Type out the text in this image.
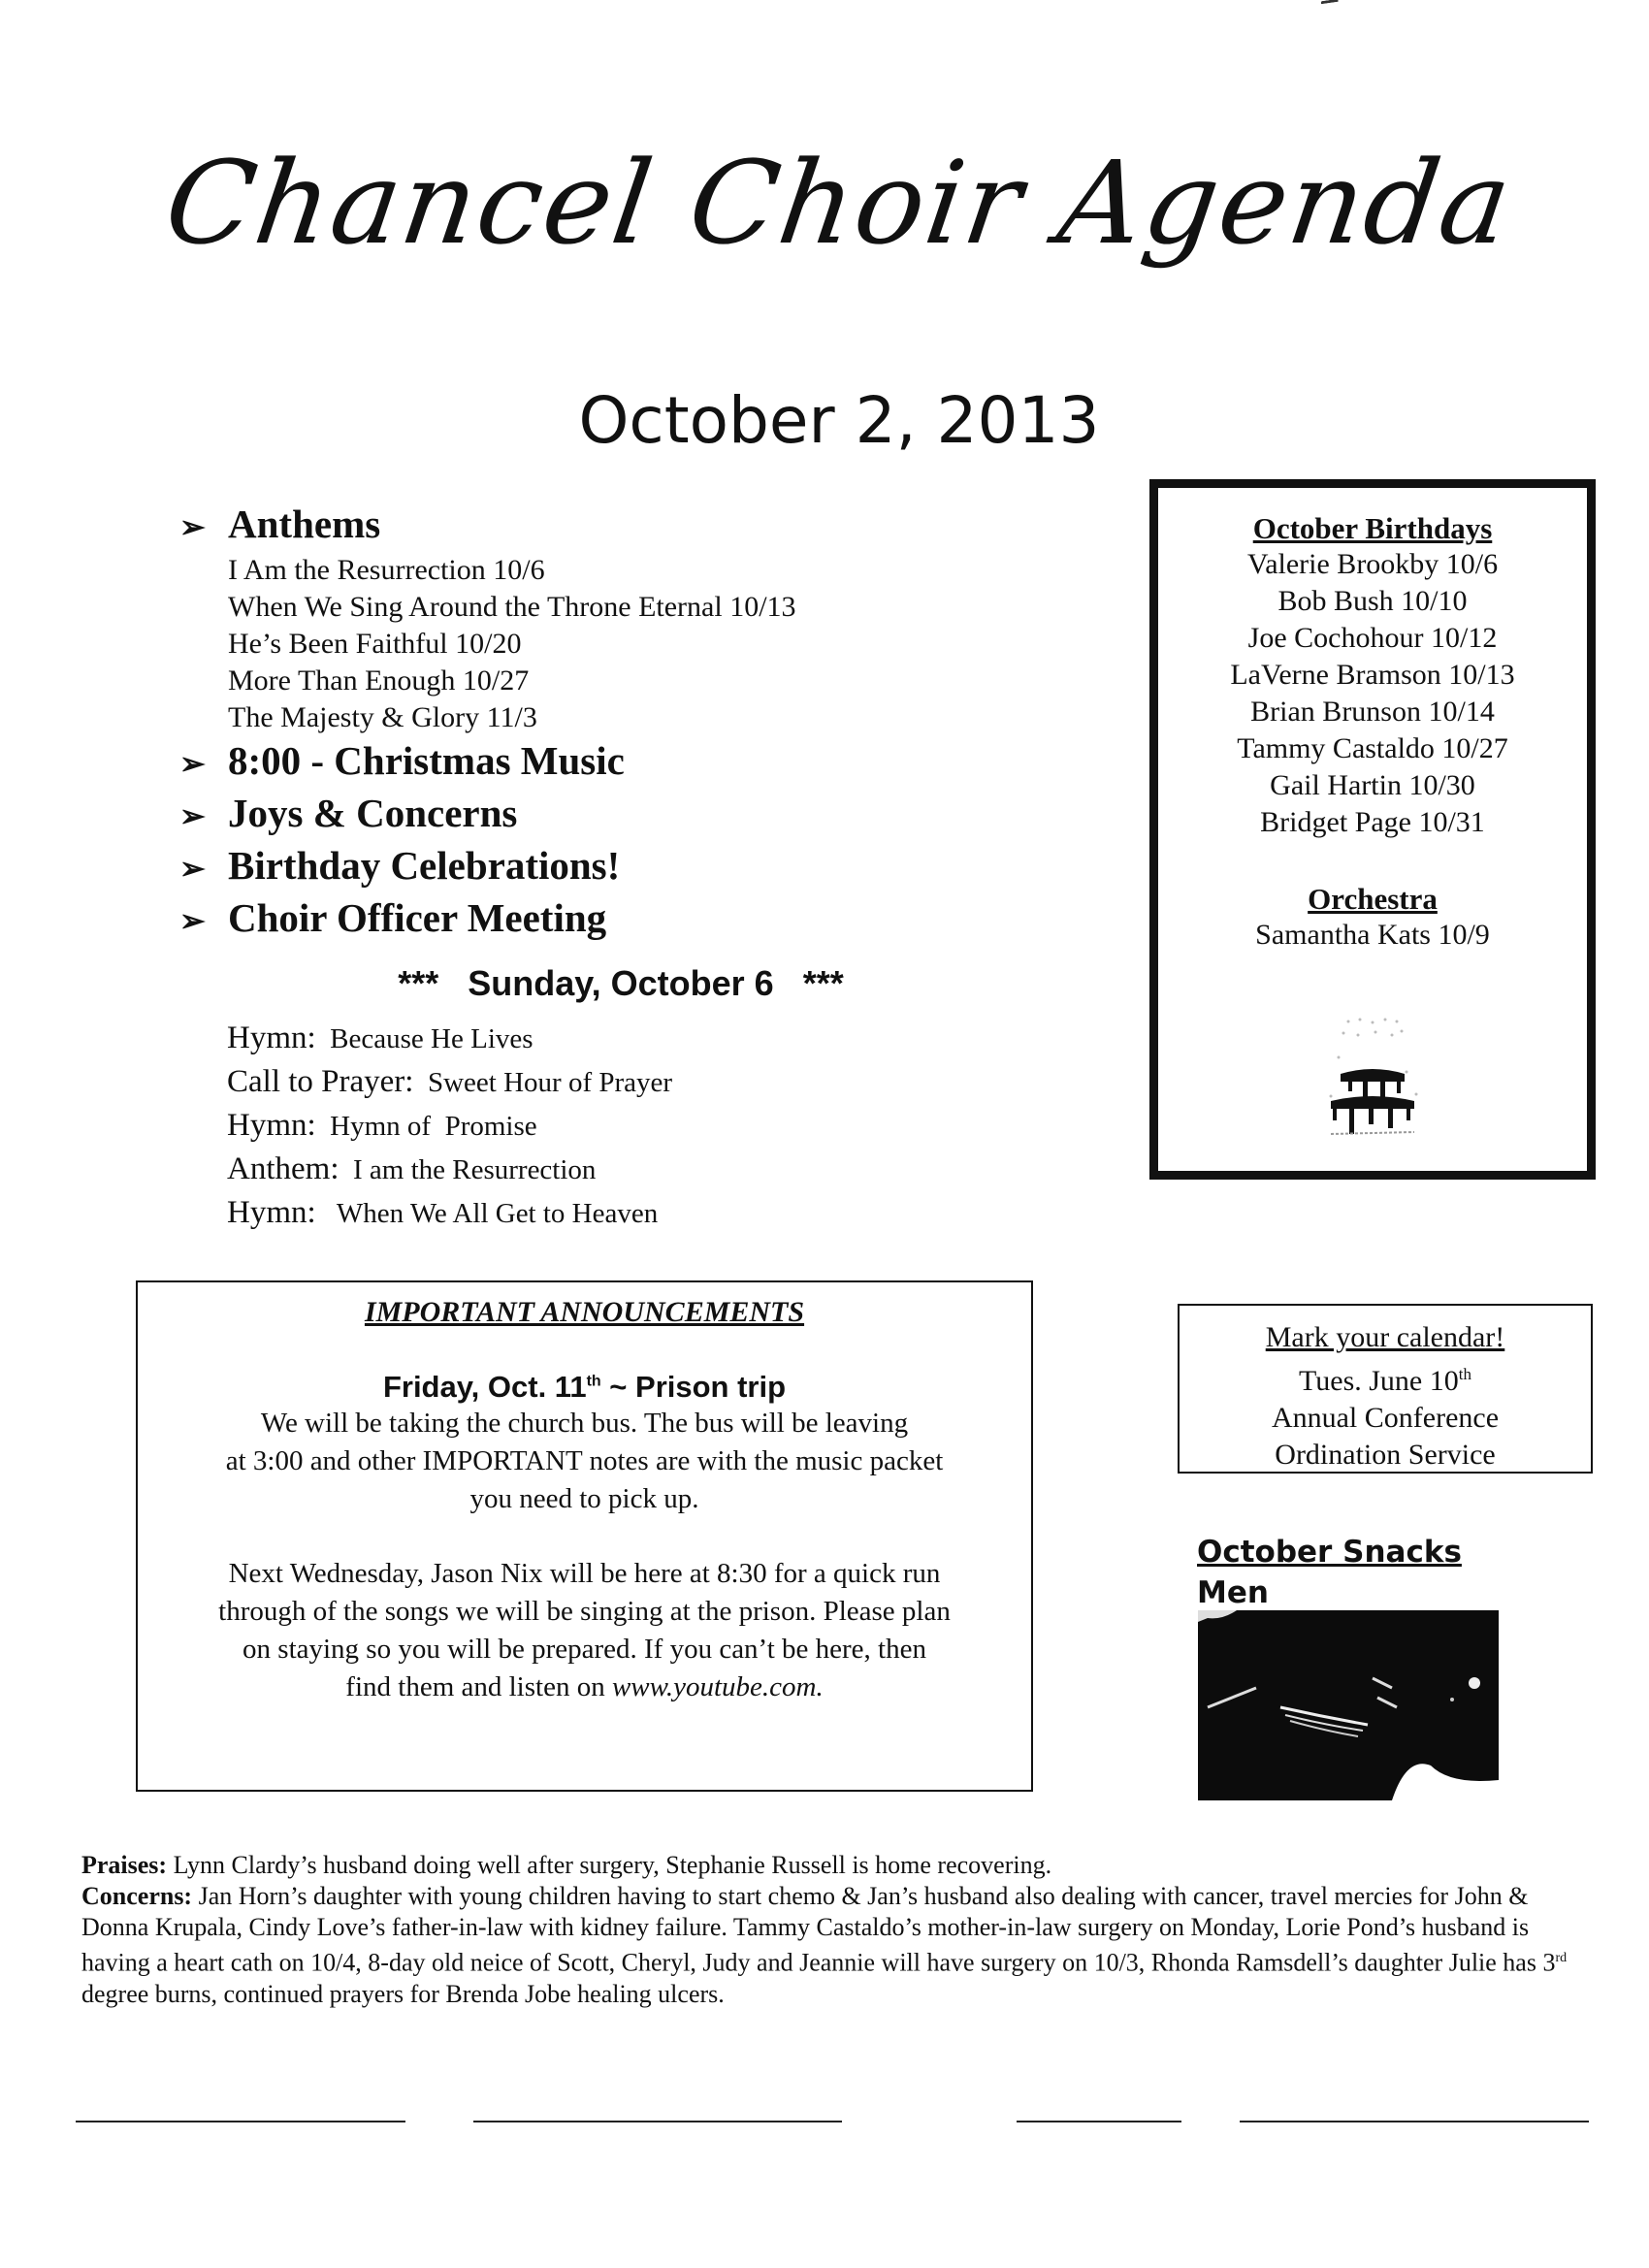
Chancel Choir Agenda
October 2, 2013
➢ Anthems
I Am the Resurrection 10/6
When We Sing Around the Throne Eternal 10/13
He’s Been Faithful 10/20
More Than Enough 10/27
The Majesty & Glory 11/3
➢ 8:00 - Christmas Music
➢ Joys & Concerns
➢ Birthday Celebrations!
➢ Choir Officer Meeting
***   Sunday, October 6   ***
Hymn:  Because He Lives
Call to Prayer:  Sweet Hour of Prayer
Hymn:  Hymn of  Promise
Anthem:  I am the Resurrection
Hymn:   When We All Get to Heaven
October Birthdays
Valerie Brookby 10/6
Bob Bush 10/10
Joe Cochohour 10/12
LaVerne Bramson 10/13
Brian Brunson 10/14
Tammy Castaldo 10/27
Gail Hartin 10/30
Bridget Page 10/31
Orchestra
Samantha Kats 10/9
IMPORTANT ANNOUNCEMENTS
Friday, Oct. 11th ~ Prison trip

We will be taking the church bus. The bus will be leaving
at 3:00 and other IMPORTANT notes are with the music packet
you need to pick up.

Next Wednesday, Jason Nix will be here at 8:30 for a quick run
through of the songs we will be singing at the prison. Please plan
on staying so you will be prepared. If you can’t be here, then
find them and listen on www.youtube.com.

Mark your calendar!
Tues. June 10th
Annual Conference
Ordination Service
October Snacks
Men
Praises: Lynn Clardy’s husband doing well after surgery, Stephanie Russell is home recovering.
Concerns: Jan Horn’s daughter with young children having to start chemo & Jan’s husband also dealing with cancer, travel mercies for John & Donna Krupala, Cindy Love’s father-in-law with kidney failure. Tammy Castaldo’s mother-in-law surgery on Monday, Lorie Pond’s husband is having a heart cath on 10/4, 8-day old neice of Scott, Cheryl, Judy and Jeannie will have surgery on 10/3, Rhonda Ramsdell’s daughter Julie has 3rd degree burns, continued prayers for Brenda Jobe healing ulcers.
